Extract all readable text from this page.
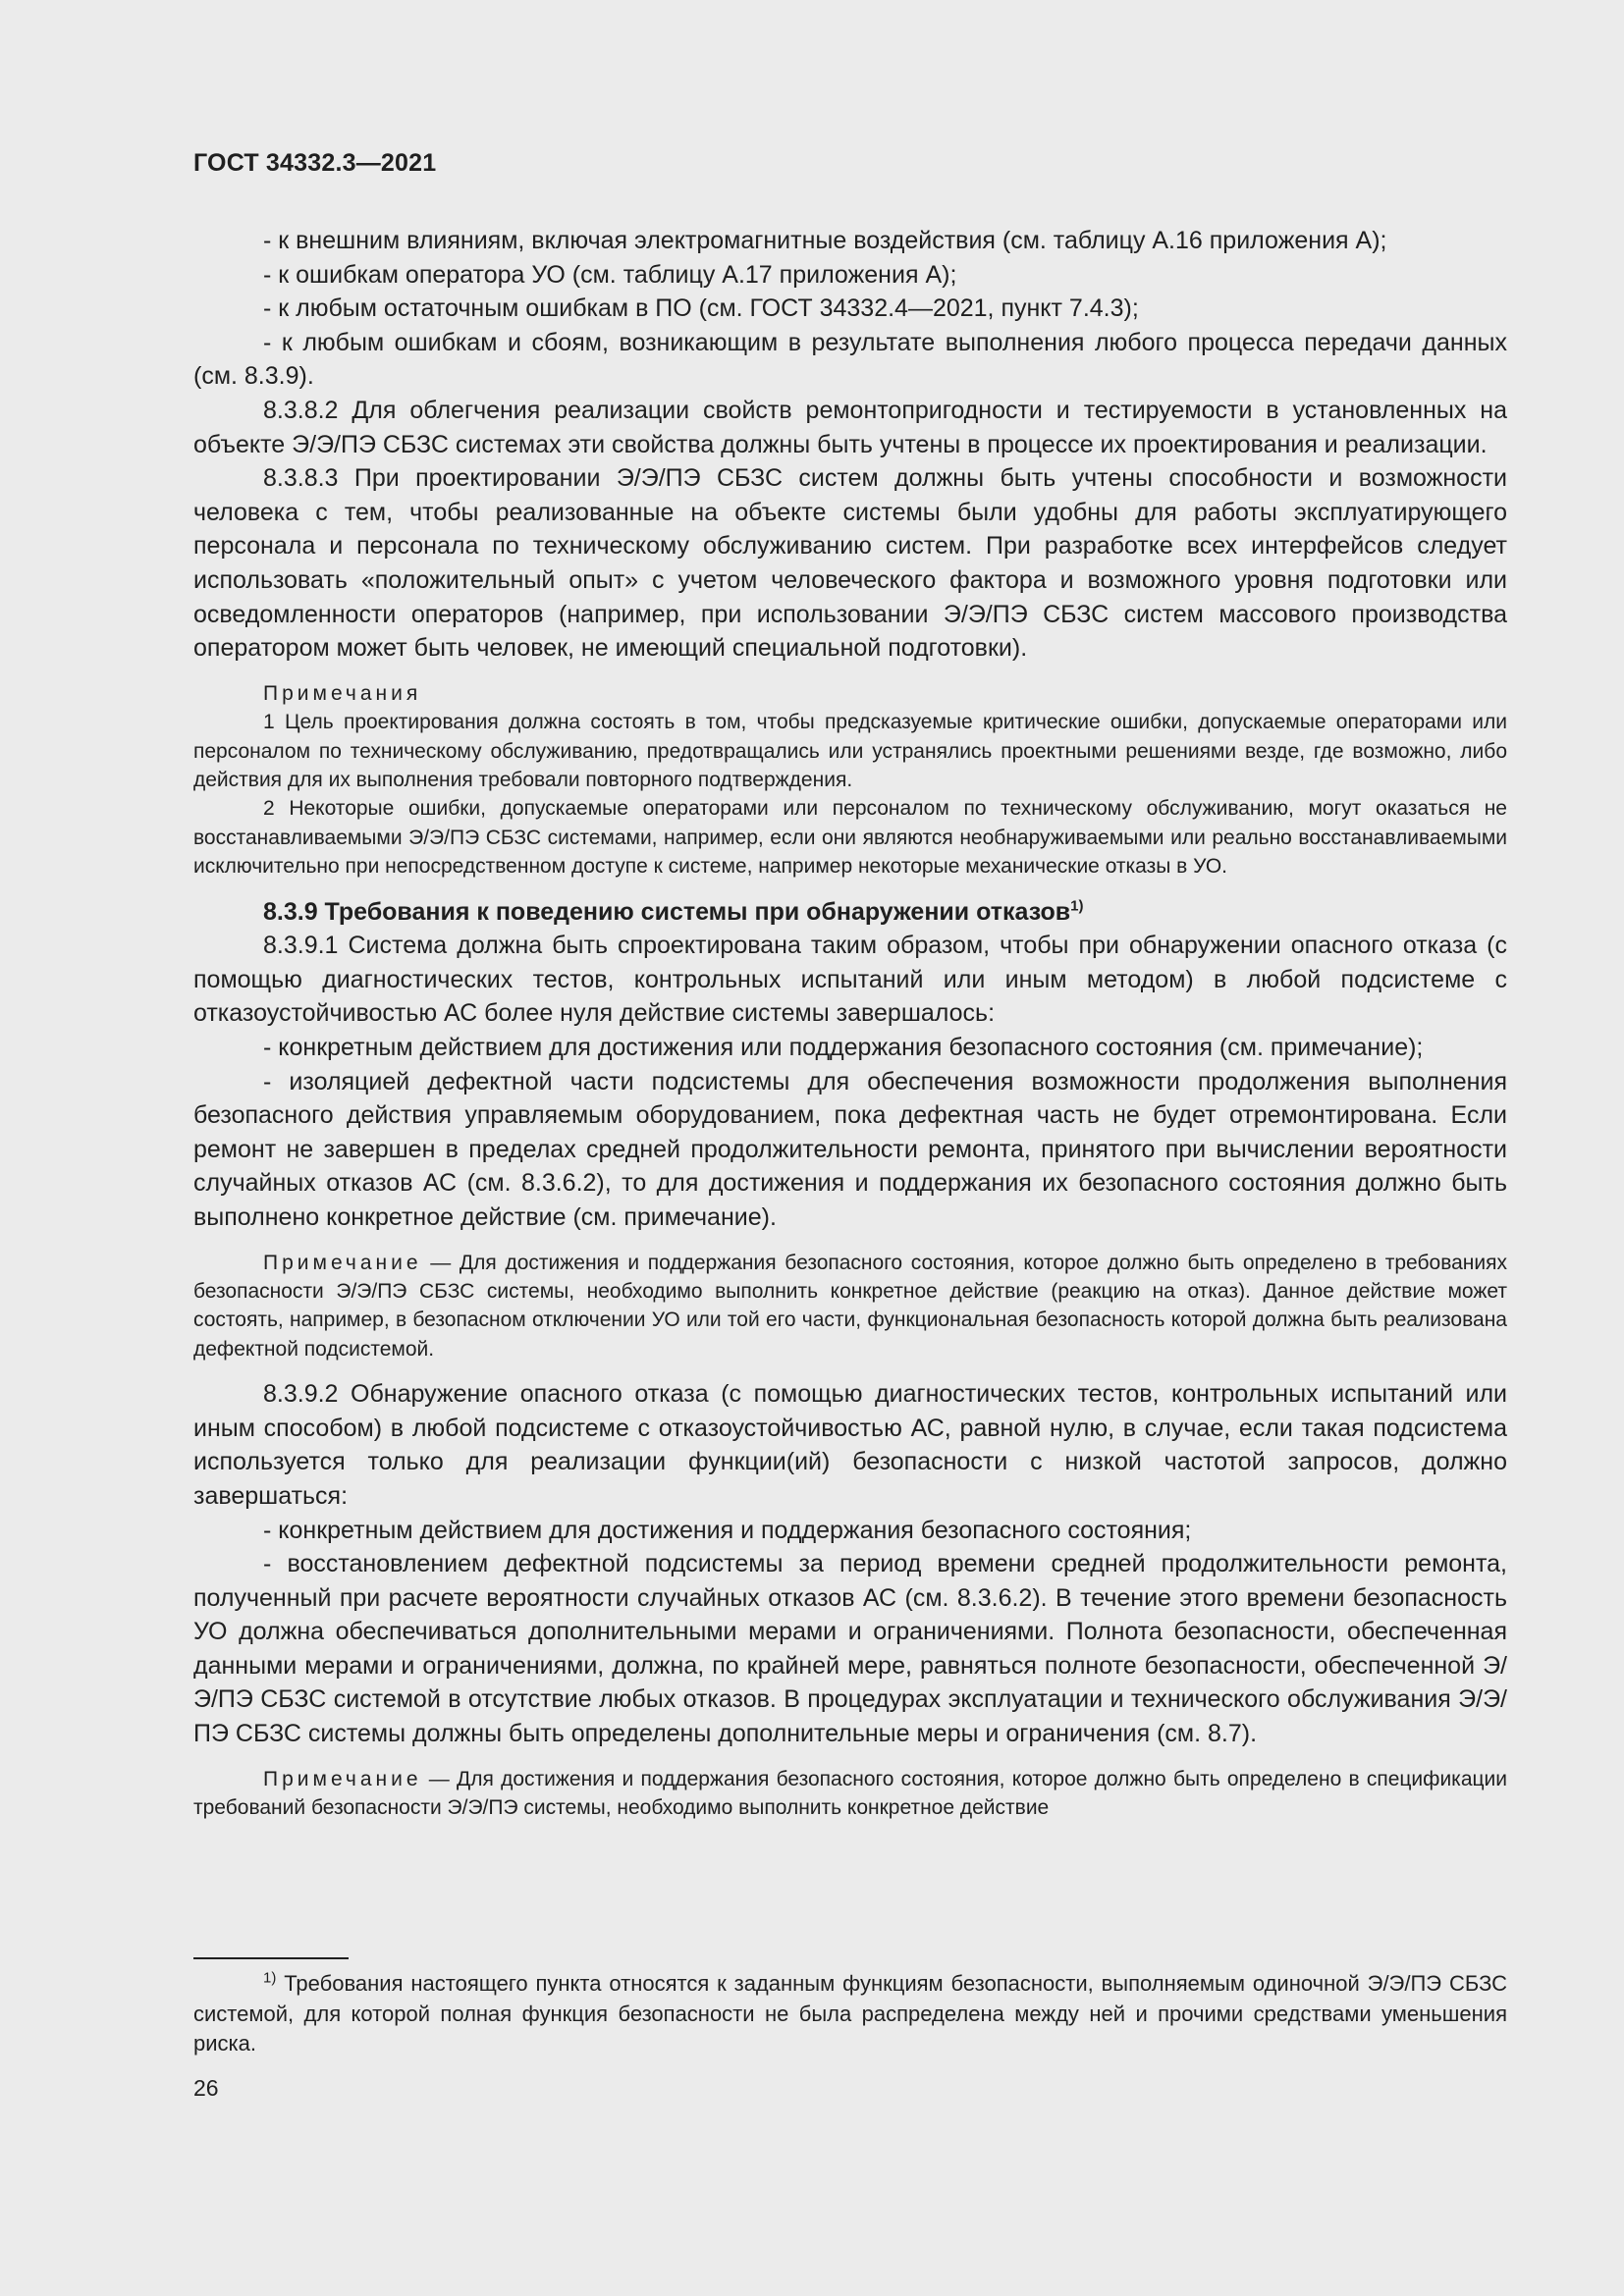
ГОСТ 34332.3—2021

- к внешним влияниям, включая электромагнитные воздействия (см. таблицу А.16 приложения А);

- к ошибкам оператора УО (см. таблицу А.17 приложения А);

- к любым остаточным ошибкам в ПО (см. ГОСТ 34332.4—2021, пункт 7.4.3);

- к любым ошибкам и сбоям, возникающим в результате выполнения любого процесса передачи данных (см. 8.3.9).

8.3.8.2 Для облегчения реализации свойств ремонтопригодности и тестируемости в установленных на объекте Э/Э/ПЭ СБЗС системах эти свойства должны быть учтены в процессе их проектирования и реализации.

8.3.8.3 При проектировании Э/Э/ПЭ СБЗС систем должны быть учтены способности и возможности человека с тем, чтобы реализованные на объекте системы были удобны для работы эксплуатирующего персонала и персонала по техническому обслуживанию систем. При разработке всех интерфейсов следует использовать «положительный опыт» с учетом человеческого фактора и возможного уровня подготовки или осведомленности операторов (например, при использовании Э/Э/ПЭ СБЗС систем массового производства оператором может быть человек, не имеющий специальной подготовки).

Примечания

1 Цель проектирования должна состоять в том, чтобы предсказуемые критические ошибки, допускаемые операторами или персоналом по техническому обслуживанию, предотвращались или устранялись проектными решениями везде, где возможно, либо действия для их выполнения требовали повторного подтверждения.

2 Некоторые ошибки, допускаемые операторами или персоналом по техническому обслуживанию, могут оказаться не восстанавливаемыми Э/Э/ПЭ СБЗС системами, например, если они являются необнаруживаемыми или реально восстанавливаемыми исключительно при непосредственном доступе к системе, например некоторые механические отказы в УО.

8.3.9 Требования к поведению системы при обнаружении отказов$^{1)}$

8.3.9.1 Система должна быть спроектирована таким образом, чтобы при обнаружении опасного отказа (с помощью диагностических тестов, контрольных испытаний или иным методом) в любой подсистеме с отказоустойчивостью АС более нуля действие системы завершалось:

- конкретным действием для достижения или поддержания безопасного состояния (см. примечание);

- изоляцией дефектной части подсистемы для обеспечения возможности продолжения выполнения безопасного действия управляемым оборудованием, пока дефектная часть не будет отремонтирована. Если ремонт не завершен в пределах средней продолжительности ремонта, принятого при вычислении вероятности случайных отказов АС (см. 8.3.6.2), то для достижения и поддержания их безопасного состояния должно быть выполнено конкретное действие (см. примечание).

Примечание — Для достижения и поддержания безопасного состояния, которое должно быть определено в требованиях безопасности Э/Э/ПЭ СБЗС системы, необходимо выполнить конкретное действие (реакцию на отказ). Данное действие может состоять, например, в безопасном отключении УО или той его части, функциональная безопасность которой должна быть реализована дефектной подсистемой.

8.3.9.2 Обнаружение опасного отказа (с помощью диагностических тестов, контрольных испытаний или иным способом) в любой подсистеме с отказоустойчивостью АС, равной нулю, в случае, если такая подсистема используется только для реализации функции(ий) безопасности с низкой частотой запросов, должно завершаться:

- конкретным действием для достижения и поддержания безопасного состояния;

- восстановлением дефектной подсистемы за период времени средней продолжительности ремонта, полученный при расчете вероятности случайных отказов АС (см. 8.3.6.2). В течение этого времени безопасность УО должна обеспечиваться дополнительными мерами и ограничениями. Полнота безопасности, обеспеченная данными мерами и ограничениями, должна, по крайней мере, равняться полноте безопасности, обеспеченной Э/Э/ПЭ СБЗС системой в отсутствие любых отказов. В процедурах эксплуатации и технического обслуживания Э/Э/ПЭ СБЗС системы должны быть определены дополнительные меры и ограничения (см. 8.7).

Примечание — Для достижения и поддержания безопасного состояния, которое должно быть определено в спецификации требований безопасности Э/Э/ПЭ системы, необходимо выполнить конкретное действие

$^{1)}$ Требования настоящего пункта относятся к заданным функциям безопасности, выполняемым одиночной Э/Э/ПЭ СБЗС системой, для которой полная функция безопасности не была распределена между ней и прочими средствами уменьшения риска.

26
